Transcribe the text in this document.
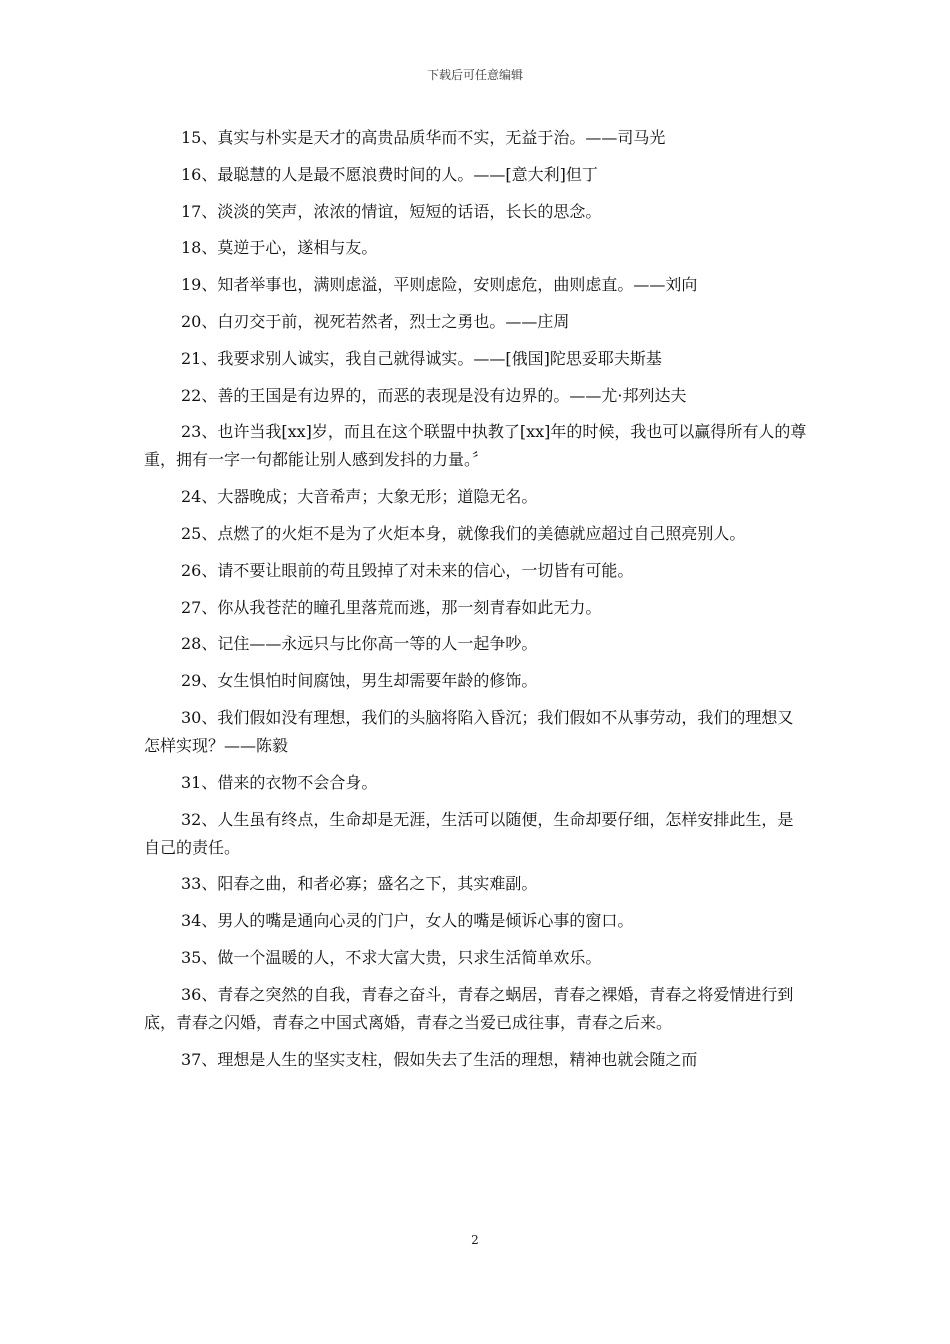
下载后可任意编辑

15、真实与朴实是天才的高贵品质华而不实，无益于治。——司马光

16、最聪慧的人是最不愿浪费时间的人。——[意大利]但丁

17、淡淡的笑声，浓浓的情谊，短短的话语，长长的思念。

18、莫逆于心，遂相与友。

19、知者举事也，满则虑溢，平则虑险，安则虑危，曲则虑直。——刘向

20、白刃交于前，视死若然者，烈士之勇也。——庄周

21、我要求别人诚实，我自己就得诚实。——[俄国]陀思妥耶夫斯基

22、善的王国是有边界的，而恶的表现是没有边界的。——尤·邦列达夫

23、也许当我[xx]岁，而且在这个联盟中执教了[xx]年的时候，我也可以赢得所有人的尊重，拥有一字一句都能让别人感到发抖的力量。〞

24、大器晚成；大音希声；大象无形；道隐无名。

25、点燃了的火炬不是为了火炬本身，就像我们的美德就应超过自己照亮别人。

26、请不要让眼前的苟且毁掉了对未来的信心，一切皆有可能。

27、你从我苍茫的瞳孔里落荒而逃，那一刻青春如此无力。

28、记住——永远只与比你高一等的人一起争吵。

29、女生惧怕时间腐蚀，男生却需要年龄的修饰。

30、我们假如没有理想，我们的头脑将陷入昏沉；我们假如不从事劳动，我们的理想又怎样实现？——陈毅

31、借来的衣物不会合身。

32、人生虽有终点，生命却是无涯，生活可以随便，生命却要仔细，怎样安排此生，是自己的责任。

33、阳春之曲，和者必寡；盛名之下，其实难副。

34、男人的嘴是通向心灵的门户，女人的嘴是倾诉心事的窗口。

35、做一个温暖的人，不求大富大贵，只求生活简单欢乐。

36、青春之突然的自我，青春之奋斗，青春之蜗居，青春之裸婚，青春之将爱情进行到底，青春之闪婚，青春之中国式离婚，青春之当爱已成往事，青春之后来。

37、理想是人生的坚实支柱，假如失去了生活的理想，精神也就会随之而

2
